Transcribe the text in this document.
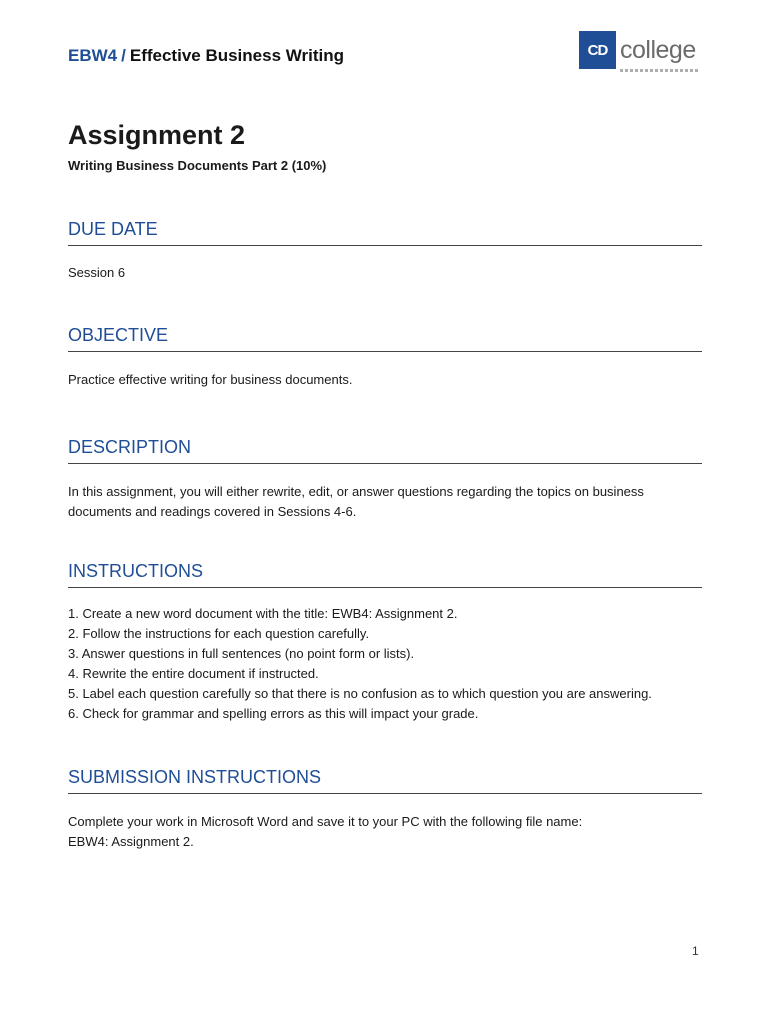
EBW4 / Effective Business Writing	CD college
Assignment 2
Writing Business Documents Part 2 (10%)
DUE DATE
Session 6
OBJECTIVE
Practice effective writing for business documents.
DESCRIPTION
In this assignment, you will either rewrite, edit, or answer questions regarding the topics on business documents and readings covered in Sessions 4-6.
INSTRUCTIONS
1. Create a new word document with the title: EWB4: Assignment 2.
2. Follow the instructions for each question carefully.
3. Answer questions in full sentences (no point form or lists).
4. Rewrite the entire document if instructed.
5. Label each question carefully so that there is no confusion as to which question you are answering.
6. Check for grammar and spelling errors as this will impact your grade.
SUBMISSION INSTRUCTIONS
Complete your work in Microsoft Word and save it to your PC with the following file name:
EBW4: Assignment 2.
1
